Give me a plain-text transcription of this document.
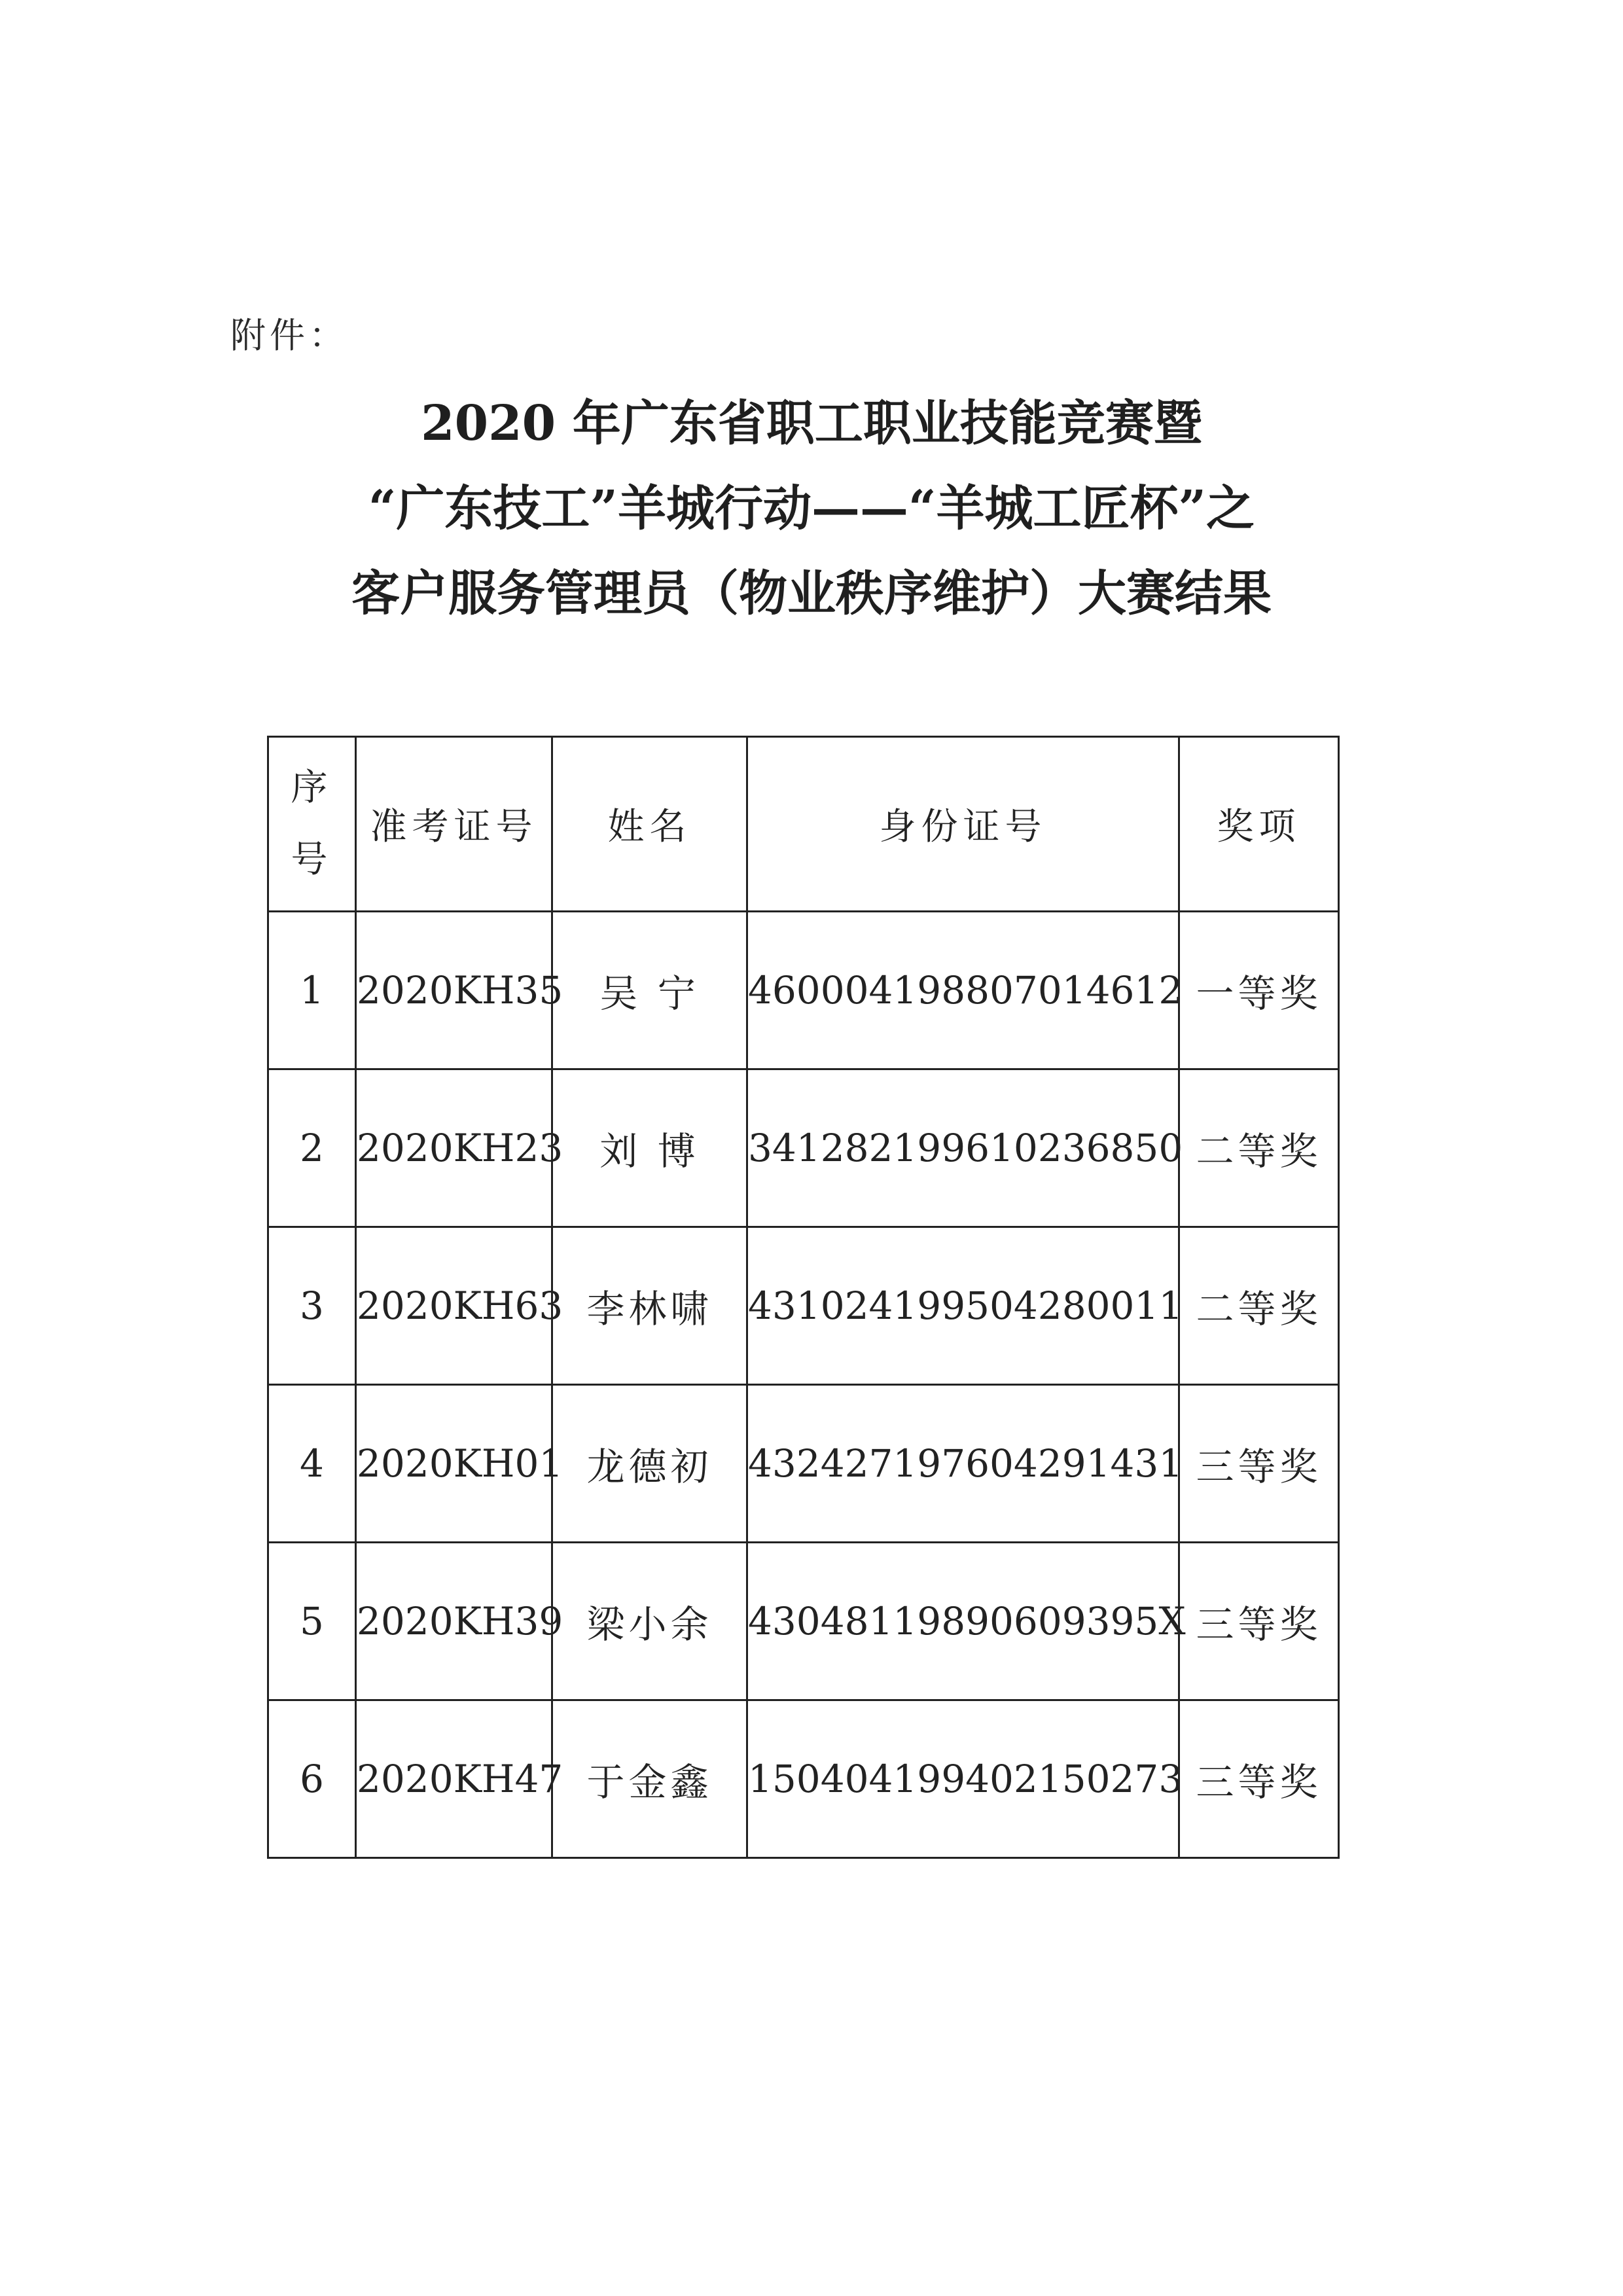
附件：
2020 年广东省职工职业技能竞赛暨
“广东技工”羊城行动——“羊城工匠杯”之
客户服务管理员（物业秩序维护）大赛结果
序
号	准考证号	姓名	身份证号	奖项
1	2020KH35	吴 宁	460004198807014612	一等奖
2	2020KH23	刘 博	341282199610236850	二等奖
3	2020KH63	李林啸	431024199504280011	二等奖
4	2020KH01	龙德初	432427197604291431	三等奖
5	2020KH39	梁小余	43048119890609395X	三等奖
6	2020KH47	于金鑫	150404199402150273	三等奖
